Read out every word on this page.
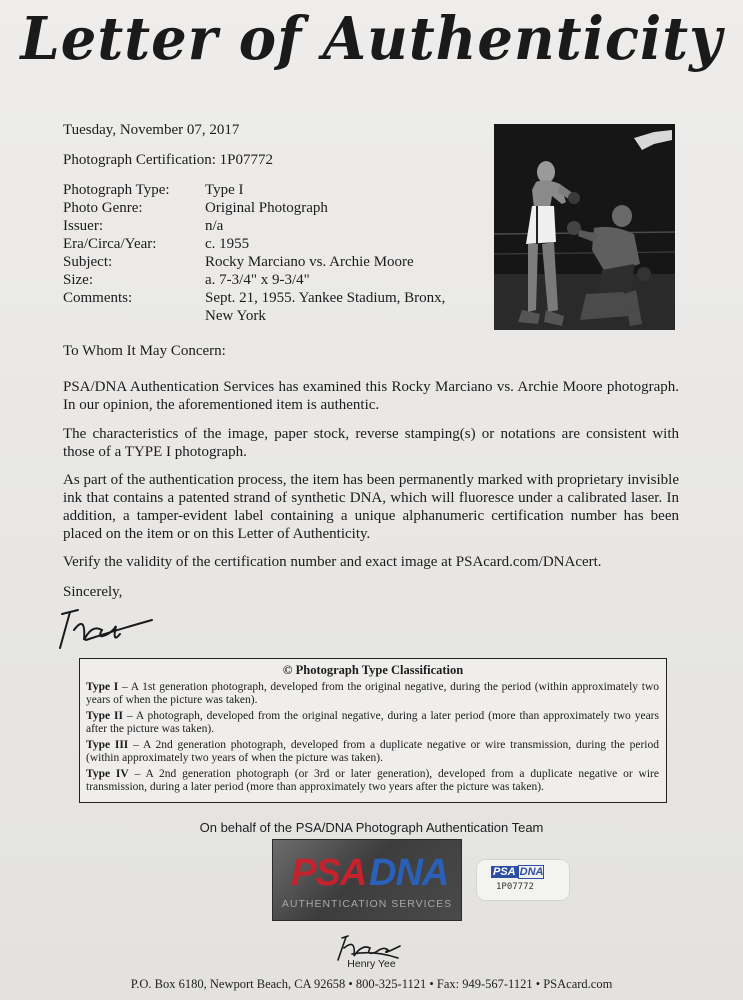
Letter of Authenticity
Tuesday, November 07, 2017
Photograph Certification: 1P07772
Photograph Type:	Type I
Photo Genre:	Original Photograph
Issuer:	n/a
Era/Circa/Year:	c. 1955
Subject:	Rocky Marciano vs. Archie Moore
Size:	a. 7-3/4" x 9-3/4"
Comments:	Sept. 21, 1955. Yankee Stadium, Bronx, New York
To Whom It May Concern:
PSA/DNA Authentication Services has examined this Rocky Marciano vs. Archie Moore photograph. In our opinion, the aforementioned item is authentic.
The characteristics of the image, paper stock, reverse stamping(s) or notations are consistent with those of a TYPE I photograph.
As part of the authentication process, the item has been permanently marked with proprietary invisible ink that contains a patented strand of synthetic DNA, which will fluoresce under a calibrated laser. In addition, a tamper-evident label containing a unique alphanumeric certification number has been placed on the item or on this Letter of Authenticity.
Verify the validity of the certification number and exact image at PSAcard.com/DNAcert.
Sincerely,
© Photograph Type Classification
Type I – A 1st generation photograph, developed from the original negative, during the period (within approximately two years of when the picture was taken).
Type II – A photograph, developed from the original negative, during a later period (more than approximately two years after the picture was taken).
Type III – A 2nd generation photograph, developed from a duplicate negative or wire transmission, during the period (within approximately two years of when the picture was taken).
Type IV – A 2nd generation photograph (or 3rd or later generation), developed from a duplicate negative or wire transmission, during a later period (more than approximately two years after the picture was taken).
On behalf of the PSA/DNA Photograph Authentication Team
PSA DNA
AUTHENTICATION SERVICES
PSA DNA
1P07772
Henry Yee
P.O. Box 6180, Newport Beach, CA 92658 • 800-325-1121 • Fax: 949-567-1121 • PSAcard.com
